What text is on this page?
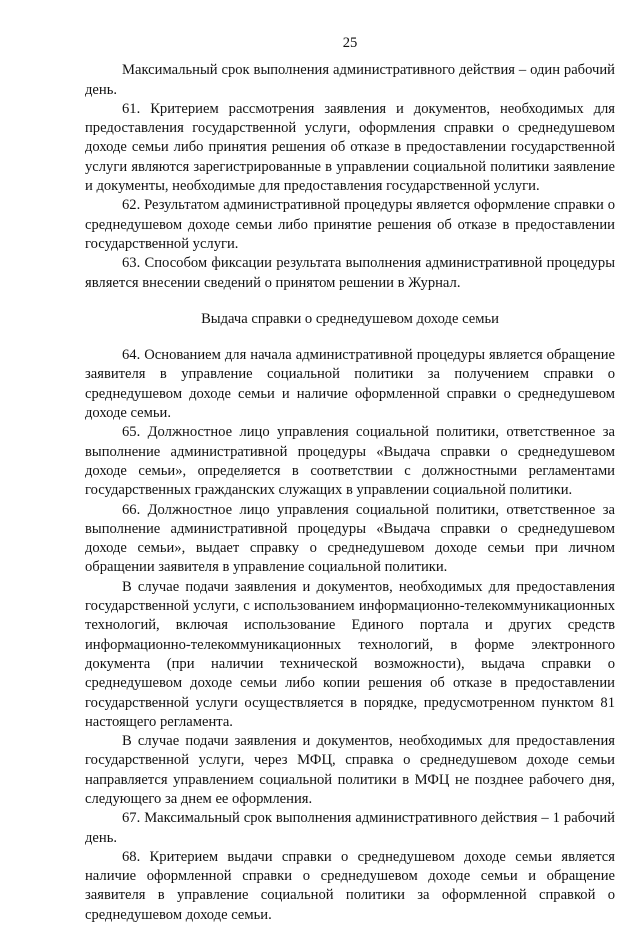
25

Максимальный срок выполнения административного действия – один рабочий день.

61. Критерием рассмотрения заявления и документов, необходимых для предоставления государственной услуги, оформления справки о среднедушевом доходе семьи либо принятия решения об отказе в предоставлении государственной услуги являются зарегистрированные в управлении социальной политики заявление и документы, необходимые для предоставления государственной услуги.

62. Результатом административной процедуры является оформление справки о среднедушевом доходе семьи либо принятие решения об отказе в предоставлении государственной услуги.

63. Способом фиксации результата выполнения административной процедуры является внесении сведений о принятом решении в Журнал.

Выдача справки о среднедушевом доходе семьи

64. Основанием для начала административной процедуры является обращение заявителя в управление социальной политики за получением справки о среднедушевом доходе семьи и наличие оформленной справки о среднедушевом доходе семьи.

65. Должностное лицо управления социальной политики, ответственное за выполнение административной процедуры «Выдача справки о среднедушевом доходе семьи», определяется в соответствии с должностными регламентами государственных гражданских служащих в управлении социальной политики.

66. Должностное лицо управления социальной политики, ответственное за выполнение административной процедуры «Выдача справки о среднедушевом доходе семьи», выдает справку о среднедушевом доходе семьи при личном обращении заявителя в управление социальной политики.

В случае подачи заявления и документов, необходимых для предоставления государственной услуги, с использованием информационно-телекоммуникационных технологий, включая использование Единого портала и других средств информационно-телекоммуникационных технологий, в форме электронного документа (при наличии технической возможности), выдача справки о среднедушевом доходе семьи либо копии решения об отказе в предоставлении государственной услуги осуществляется в порядке, предусмотренном пунктом 81 настоящего регламента.

В случае подачи заявления и документов, необходимых для предоставления государственной услуги, через МФЦ, справка о среднедушевом доходе семьи направляется управлением социальной политики в МФЦ не позднее рабочего дня, следующего за днем ее оформления.

67. Максимальный срок выполнения административного действия – 1 рабочий день.

68. Критерием выдачи справки о среднедушевом доходе семьи является наличие оформленной справки о среднедушевом доходе семьи и обращение заявителя в управление социальной политики за оформленной справкой о среднедушевом доходе семьи.
